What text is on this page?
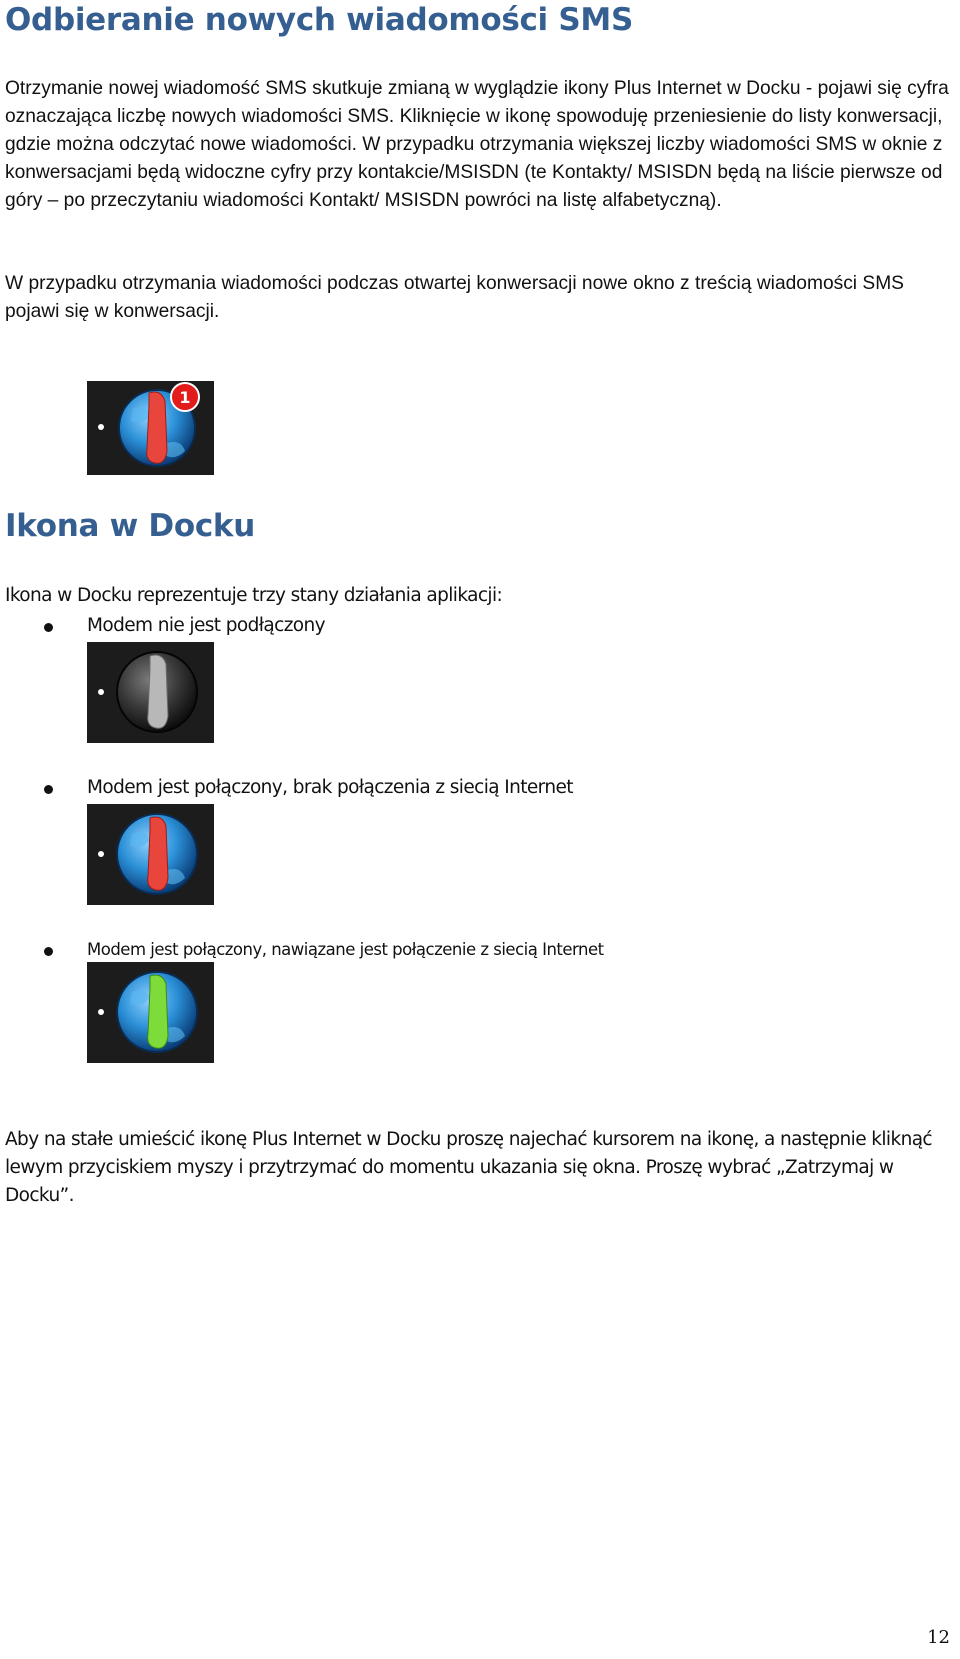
Odbieranie nowych wiadomości SMS

Otrzymanie nowej wiadomość SMS skutkuje zmianą w wyglądzie ikony Plus Internet w Docku - pojawi się cyfra oznaczająca liczbę nowych wiadomości SMS. Kliknięcie w ikonę spowoduję przeniesienie do listy konwersacji, gdzie można odczytać nowe wiadomości. W przypadku otrzymania większej liczby wiadomości SMS w oknie z konwersacjami będą widoczne cyfry przy kontakcie/MSISDN (te Kontakty/ MSISDN będą na liście pierwsze od góry – po przeczytaniu wiadomości Kontakt/ MSISDN powróci na listę alfabetyczną).

W przypadku otrzymania wiadomości podczas otwartej konwersacji nowe okno z treścią wiadomości SMS pojawi się w konwersacji.

1
Ikona w Docku

Ikona w Docku reprezentuje trzy stany działania aplikacji:

Modem nie jest podłączony
Modem jest połączony, brak połączenia z siecią Internet
Modem jest połączony, nawiązane jest połączenie z siecią Internet

Aby na stałe umieścić ikonę Plus Internet w Docku proszę najechać kursorem na ikonę, a następnie kliknąć lewym przyciskiem myszy i przytrzymać do momentu ukazania się okna. Proszę wybrać „Zatrzymaj w Docku”.

12
